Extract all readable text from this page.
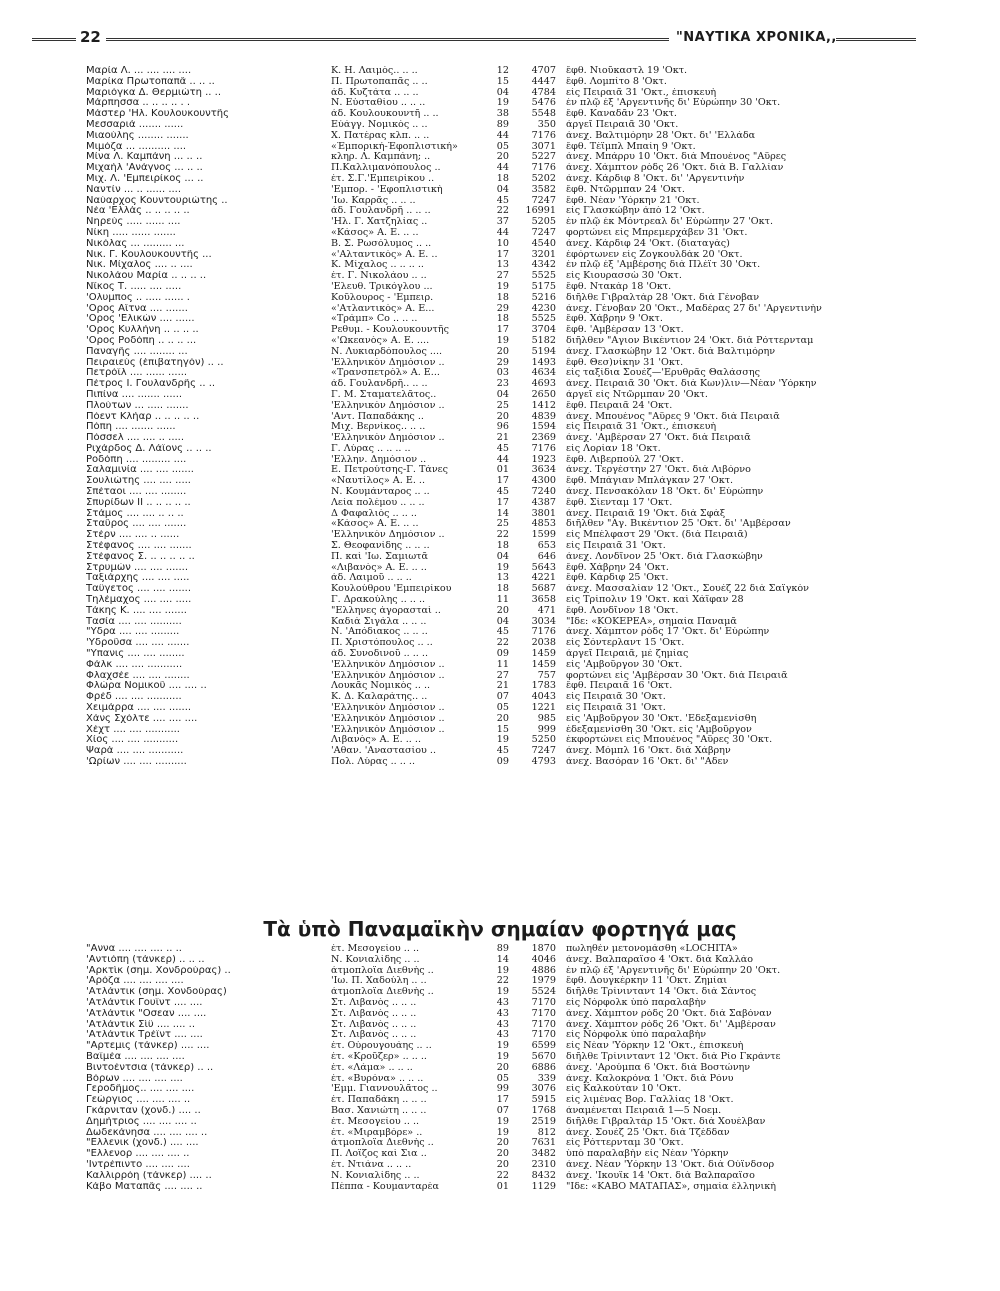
22	"ΝΑΥΤΙΚΑ ΧΡΟΝΙΚΑ,,
Μαρία Λ. ... .... .... ....	Κ. Η. Λαιμὸς.. .. ..	12	4707 ἔφθ. Νιοῦκαστλ 19 'Οκτ.
Μαρίκα Πρωτοπαπᾶ .. .. ..	Π. Πρωτοπαπᾶς .. ..	15	4447 ἔφθ. Λομπίτο 8 'Οκτ.
Μαριόγκα Δ. Θερμιώτη .. ..	ἀδ. Κυζτάτα .. .. ..	04	4784 εἰς Πειραιᾶ 31 'Οκτ., ἐπισκευὴ
Μάρπησσα .. .. .. .. . .	Ν. Εὐσταθίου .. .. ..	19	5476 ἐν πλῷ ἐξ 'Αργεντινῆς δι' Εὐρώπην 30 'Οκτ.
Μάστερ 'Ηλ. Κουλουκουντῆς	ἀδ. Κουλουκουντῆ .. ..	38	5548 ἔφθ. Καναδᾶν 23 'Οκτ.
Μεσσαριά ....... ......	Εὐάγγ. Νομικὸς .. ..	89	350 ἀργεῖ Πειραιᾶ 30 'Οκτ.
Μιαούλης ........ .......	Χ. Πατέρας κλπ. .. ..	44	7176 ἀνεχ. Βαλτιμόρην 28 'Οκτ. δι' 'Ελλάδα
Μιμόζα ... .......... ....	«Ἐμπορική-Ἐφοπλιστική»	05	3071 ἔφθ. Τέϊμπλ Μπαίη 9 'Οκτ.
Μίνα Λ. Καμπάνη ... .. ..	κληρ. Λ. Καμπάνη; ..	20	5227 ἀνεχ. Μπάρρυ 10 'Οκτ. διὰ Μπουένος "Αϋρες
Μιχαὴλ 'Ανάγνος ... .. ..	Π.Καλλιμανόπουλος ..	44	7176 ἀνεχ. Χάμπτον ρὸδς 26 'Οκτ. διὰ Β. Γαλλίαν
Μιχ. Λ. 'Εμπειρίκος ... ..	ἐτ. Σ.Γ.'Εμπειρίκου ..	18	5202 ἀνεχ. Κάρδιφ 8 'Οκτ. δι' 'Αργεντινὴν
Ναντίν ... .. ...... ....	'Εμπορ. - 'Εφοπλιστικὴ	04	3582 ἔφθ. Ντῶρμπαν 24 'Οκτ.
Ναύαρχος Κουντουριώτης ..	'Ιω. Καρρᾶς .. .. ..	45	7247 ἔφθ. Νέαν 'Υόρκην 21 'Οκτ.
Νέα 'Ελλὰς .. .. .. .. ..	ἀδ. Γουλανδρῆ .. .. ..	22	16991 εἰς Γλασκώβην ἀπὸ 12 'Οκτ.
Νηρεὺς ..... ...... ....	'Ηλ. Γ. Χατζηλίας ..	37	5205 ἐν πλῷ ἐκ Μόντρεαλ δι' Εὐρώπην 27 'Οκτ.
Νίκη ..... ...... .......	«Κάσος» Α. Ε. .. ..	44	7247 φορτώνει εἰς Μπρεμερχάβεν 31 'Οκτ.
Νικόλας ... ......... ...	Β. Σ. Ρωσόλυμος .. ..	10	4540 ἀνεχ. Κάρδιφ 24 'Οκτ. (διαταγὰς)
Νικ. Γ. Κουλουκουντῆς ...	«'Αλταντικὸς» Α. Ε. ..	17	3201 ἐφόρτωνεν εἰς Ζογκουλδὰκ 20 'Οκτ.
Νικ. Μίχαλος .... .. ....	Κ. Μίχαλος .. .. .. ..	13	4342 ἐν πλῷ ἐξ 'Αμβέρσης διὰ Πλέϊτ 30 'Οκτ.
Νικολάου Μαρία .. .. .. ..	ἐτ. Γ. Νικολάου .. ..	27	5525 εἰς Κιουρασσὼ 30 'Οκτ.
Νῖκος Τ. ..... .... .....	'Ελευθ. Τρικόγλου ...	19	5175 ἔφθ. Ντακὰρ 18 'Οκτ.
'Ολυμπος .. ..... ...... .	Κοῦλουρος - 'Εμπειρ.	18	5216 διῆλθε Γιβραλτὰρ 28 'Οκτ. διὰ Γένοβαν
'Ορος Αἴτνα .... .......	«'Ατλαντικὸς» Α. Ε...	29	4230 ἀνεχ. Γένοβαν 20 'Οκτ., Μαδέρας 27 δι' 'Αργεντινὴν
'Ορος 'Ελικὼν .... ......	«Τράμπ» Co .. .. ..	18	5525 ἔφθ. Χάβρην 9 'Οκτ.
'Ορος Κυλλήνη .. .. .. ..	Ρεθυμ. - Κουλουκουντῆς	17	3704 ἔφθ. 'Αμβέρσαν 13 'Οκτ.
'Ορος Ροδόπη .. .. .. ...	«'Ωκεανὸς» Α. Ε. ....	19	5182 διῆλθεν "Αγιον Βικέντιον 24 'Οκτ. διὰ Ρόττερνταμ
Παναγῆς .... ........ ...	Ν. Λυκιαρδόπουλος ....	20	5194 ἀνεχ. Γλασκώβην 12 'Οκτ. διὰ Βαλτιμόρην
Πειραιεὺς (ἐπιβατηγὸν) .. ..	'Ελληνικὸν Δημόσιον ..	29	1493 ἔφθ. Θεσ)νίκην 31 'Οκτ.
Πετρόϊλ .... ...... ......	«Τρανσπετρὸλ» Α. Ε...	03	4634 εἰς ταξίδια Σουὲζ—'Ερυθρᾶς Θαλάσσης
Πέτρος Ι. Γουλανδρῆς .. ..	ἀδ. Γουλανδρῆ.. .. ..	23	4693 ἀνεχ. Πειραιᾶ 30 'Οκτ. διὰ Κων)λιν—Νέαν 'Υόρκην
Πιπίνα .... ....... ......	Γ. Μ. Σταματελᾶτος..	04	2650 ἀργεῖ εἰς Ντῶρμπαν 20 'Οκτ.
Πλούτων ... ..... .......	'Ελληνικὸν Δημόσιον ..	25	1412 ἔφθ. Πειραιᾶ 24 'Οκτ.
Πόεντ Κλήαρ .. .. .. .. ..	'Αντ. Παπαδάκης ..	20	4839 ἀνεχ. Μπουένος "Αϋρες 9 'Οκτ. διὰ Πειραιᾶ
Πόπη .... ....... ......	Μιχ. Βερνίκος.. .. ..	96	1594 εἰς Πειραιᾶ 31 'Οκτ., ἐπισκευὴ
Πόσσελ .... .... .. .....	'Ελληνικὸν Δημόσιον ..	21	2369 ἀνεχ. 'Αμβέρσαν 27 'Οκτ. διὰ Πειραιᾶ
Ριχάρδος Δ. Λάϊονς .. .. ..	Γ. Λύρας .. .. .. ..	45	7176 εἰς Λορίαν 18 'Οκτ.
Ροδόπη .... ......... ....	'Ελλην. Δημόσιον ..	44	1923 ἔφθ. Λιβερπούλ 27 'Οκτ.
Σαλαμινία .... .... .......	Ε. Πετρούτσης-Γ. Τάνες	01	3634 ἀνεχ. Τεργέστην 27 'Οκτ. διὰ Λιβόρνο
Σουλιώτης .... .... .....	«Ναυτίλος» Α. Ε. ..	17	4300 ἔφθ. Μπάγιαν Μπλάγκαν 27 'Οκτ.
Σπέταοι .... .... ........	Ν. Κουμάνταρος .. ..	45	7240 ἀνεχ. Πενσακόλαν 18 'Οκτ. δι' Εὐρώπην
Σπυρίδων ΙΙ .. .. .. .. ..	Λεία πολέμου .. .. ..	17	4387 ἔφθ. Σίενταμ 17 'Οκτ.
Στάμος .... .... .. .. ..	Δ Φαφαλιὸς .. .. ..	14	3801 ἀνεχ. Πειραιᾶ 19 'Οκτ. διὰ Σφὰξ
Σταῦρος .... .... .......	«Κάσος» Α. Ε. .. ..	25	4853 διῆλθεν "Αγ. Βικέντιον 25 'Οκτ. δι' 'Αμβέρσαν
Στέρν .... .... .. ......	'Ελληνικὸν Δημόσιον ..	22	1599 εἰς Μπέλφαστ 29 'Οκτ. (διὰ Πειραιᾶ)
Στέφανος .... .... .......	Σ. Θεοφανίδης .. .. ..	18	653 εἰς Πειραιᾶ 31 'Οκτ.
Στέφανος Σ. .. .. .. .. ..	Π. καὶ 'Ιω. Σαμιωτᾶ	04	646 ἀνεχ. Λονδῖνον 25 'Οκτ. διὰ Γλασκώβην
Στρυμὼν .... .... .......	«Λιβανὸς» Α. Ε. .. ..	19	5643 ἔφθ. Χάβρην 24 'Οκτ.
Ταξιάρχης .... .... .....	ἀδ. Λαιμοῦ .. .. ..	13	4221 ἔφθ. Κάρδιφ 25 'Οκτ.
Ταΰγετος .... .... .......	Κουλούθρου 'Εμπειρίκου	18	5687 ἀνεχ. Μασσαλίαν 12 'Οκτ., Σουὲζ 22 διὰ Σαϊγκὸν
Τηλέμαχος .... .... .....	Γ. Δρακούλης .. .. ..	11	3658 εἰς Τρίπολιν 19 'Οκτ. καὶ Χάϊφαν 28
Τάκης Κ. .... .... .......	"Ελληνες ἀγορασταὶ ..	20	471 ἔφθ. Λονδῖνον 18 'Οκτ.
Τασία .... .... ..........	Καδιὰ Σιγάλα .. .. ..	04	3034 "Ιδε: «ΚΟΚΕΡΕΑ», σημαία Παναμᾶ
"Υδρα .... .... .........	Ν. 'Απόδιακος .. .. ..	45	7176 ἀνεχ. Χάμπτον ρὸδς 17 'Οκτ. δι' Εὐρώπην
'Υδροῦσα .... .... .......	Π. Χριστόπουλος .. ..	22	2038 εἰς Σόντερλαντ 15 'Οκτ.
"Υπανις .... .... ........	ἀδ. Συνοδινοῦ .. .. ..	09	1459 ἀργεῖ Πειραιᾶ, μὲ ζημίας
Φάλκ .... .... ...........	'Ελληνικὸν Δημόσιον ..	11	1459 εἰς 'Αμβοῦργον 30 'Οκτ.
Φλαχσέε .... .... ........	'Ελληνικὸν Δημόσιον ..	27	757 φορτώνει εἰς 'Αμβέρσαν 30 'Οκτ. διὰ Πειραιᾶ
Φλώρα Νομικοῦ .... .... ..	Λουκᾶς Νομικὸς .. ..	21	1783 ἔφθ. Πειραιᾶ 16 'Οκτ.
Φρέδ .... .... ...........	Κ. Δ. Καλαράτης.. ..	07	4043 εἰς Πειραιᾶ 30 'Οκτ.
Χειμάρρα .... .... .......	'Ελληνικὸν Δημόσιον ..	05	1221 εἰς Πειραιᾶ 31 'Οκτ.
Χάνς Σχόλτε .... .... ....	'Ελληνικὸν Δημόσιον ..	20	985 εἰς 'Αμβοῦργον 30 'Οκτ. 'Εδεξαμενίσθη
Χέχτ .... .... ...........	'Ελληνικὸν Δημόσιον ..	15	999 ἐδεξαμενίσθη 30 'Οκτ. εἰς 'Αμβοῦργον
Χίος .... .... ...........	Λιβανὸς» Α. Ε. .. ..	19	5250 ἐκφορτώνει εἰς Μπουένος "Αϋρες 30 'Οκτ.
Ψαρὰ .... .... ...........	'Αθαν. 'Αναστασίου ..	45	7247 ἀνεχ. Μόμπλ 16 'Οκτ. διὰ Χάβρην
'Ωρίων .... .... ..........	Πολ. Λύρας .. .. ..	09	4793 ἀνεχ. Βασόραν 16 'Οκτ. δι' "Αδεν
Τὰ ὑπὸ Παναμαϊκὴν σημαίαν φορτηγά μας
"Αννα .... .... .... .. ..	ἐτ. Μεσογείου .. ..	89	1870 πωληθὲν μετονομάσθη «LOCHITA»
'Αντιόπη (τάνκερ) .. .. ..	Ν. Κονιαλίδης .. ..	14	4046 ἀνεχ. Βαλπαραΐσο 4 'Οκτ. διὰ Καλλάο
'Αρκτὶκ (σημ. Χονδρούρας) ..	ἀτμοπλοΐα Διεθνὴς ..	19	4886 ἐν πλῷ ἐξ 'Αργεντινῆς δι' Εὐρώπην 20 'Οκτ.
'Αρόζα .... .... .... ....	'Ιω. Π. Χαδούλη .. ..	22	1979 ἔφθ. Δουγκέρκην 11 'Οκτ. Ζημίαι
'Ατλάντικ (σημ. Χονδούρας)	ἀτμοπλοΐα Διεθνὴς ..	19	5524 διῆλθε Τρίνινταντ 14 'Οκτ. διὰ Σάντος
'Ατλάντικ Γουΐντ .... ....	Στ. Λιβανὸς .. .. ..	43	7170 εἰς Νόρφολκ ὑπὸ παραλαβὴν
'Ατλάντικ "Οσεαν .... ....	Στ. Λιβανὸς .. .. ..	43	7170 ἀνεχ. Χάμπτον ρὸδς 20 'Οκτ. διὰ Σαβόναν
'Ατλάντικ Σὶϋ .... .... ..	Στ. Λιβανὸς .. .. ..	43	7170 ἀνεχ. Χάμπτον ρὸδς 26 'Οκτ. δι' 'Αμβέρσαν
'Ατλάντικ Τρέϊντ .... ....	Στ. Λιβανὸς .. .. ..	43	7170 εἰς Νόρφολκ ὑπὸ παραλαβὴν
"Αρτεμις (τάνκερ) .... ....	ἐτ. Οὐρουγουάης .. ..	19	6599 εἰς Νέαν 'Υόρκην 12 'Οκτ., ἐπισκευὴ
Βαϊμέα .... .... .... ....	ἐτ. «Κροῦζερ» .. .. ..	19	5670 διῆλθε Τρίνινταντ 12 'Οκτ. διὰ Ρίο Γκράντε
Βιντοέντσια (τάνκερ) .. ..	ἐτ. «Λάμα» .. .. ..	20	6886 ἀνεχ. 'Αρούμπα 6 'Οκτ. διὰ Βοστώνην
Βόρων .... .... .... ....	ἐτ. «Βυρόνα» .. .. ..	05	339 ἀνεχ. Καλοκρόνα 1 'Οκτ. διὰ Ρόνυ
Γεροδῆμος.. .... .... ....	'Εμμ. Γιαννουλᾶτος ..	99	3076 εἰς Καλκούταν 10 'Οκτ.
Γεώργιος .... .... .... ..	ἐτ. Παπαδάκη .. .. ..	17	5915 εἰς λιμένας Βορ. Γαλλίας 18 'Οκτ.
Γκάρνιταν (χονδ.) .... ..	Βασ. Χανιώτη .. .. ..	07	1768 ἀναμένεται Πειραιᾶ 1—5 Νοεμ.
Δημήτριος .... .... .... ..	ἐτ. Μεσογείου .. ..	19	2519 διῆλθε Γιβραλτὰρ 15 'Οκτ. διὰ Χουέλβαν
Δωδεκάνησα .... .... .... ..	ἐτ. «Μιραμβόρε» ..	19	812 ἀνεχ. Σουὲζ 25 'Οκτ. διὰ Τζέδδαν
"Ελλενικ (χονδ.) .... ....	ἀτμοπλοΐα Διεθνὴς ..	20	7631 εἰς Ρόττερνταμ 30 'Οκτ.
"Ελλενορ .... .... .... ..	Π. Λοΐζος καὶ Σια ..	20	3482 ὑπὸ παραλαβὴν εἰς Νέαν 'Υόρκην
'Ιντρέπιντο .... .... ....	ἐτ. Ντιάνα .. .. ..	20	2310 ἀνεχ. Νέαν 'Υόρκην 13 'Οκτ. διὰ Οὐϊνδσορ
Καλλιρρόη (τάνκερ) .... ..	Ν. Κονιαλίδης .. ..	22	8432 ἀνεχ. 'Ικουΐκ 14 'Οκτ. διὰ Βαλπαραΐσο
Κάβο Ματαπᾶς .... .... ..	Πέππα - Κουμανταρέα	01	1129 "Ιδε: «ΚΑΒΟ ΜΑΤΑΠΑΣ», σημαία ἑλληνικὴ
